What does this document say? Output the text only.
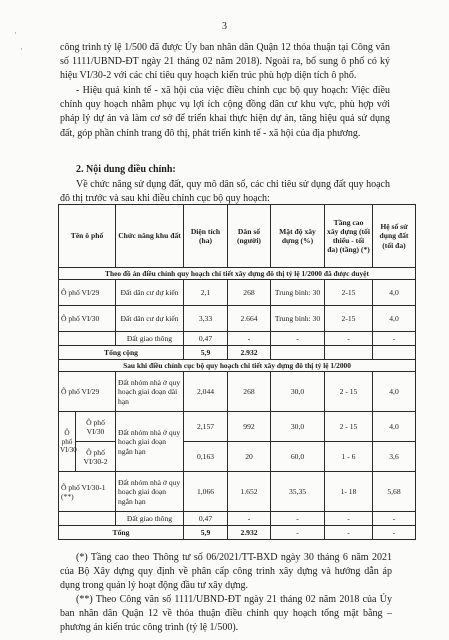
3
·
·	công trình tỷ lệ 1/500 đã được Ủy ban nhân dân Quận 12 thỏa thuận tại Công văn số 1111/UBND-ĐT ngày 21 tháng 02 năm 2018). Ngoài ra, bổ sung ô phố có ký hiệu VI/30-2 với các chỉ tiêu quy hoạch kiến trúc phù hợp diện tích ô phố.

- Hiệu quả kinh tế - xã hội của việc điều chỉnh cục bộ quy hoạch: Việc điều chỉnh quy hoạch nhằm phục vụ lợi ích cộng đồng dân cư khu vực, phù hợp với pháp lý dự án và làm cơ sở để triển khai thực hiện dự án, tăng hiệu quả sử dụng đất, góp phần chỉnh trang đô thị, phát triển kinh tế - xã hội của địa phương.

2. Nội dung điều chỉnh:

Về chức năng sử dụng đất, quy mô dân số, các chỉ tiêu sử dụng đất quy hoạch đô thị trước và sau khi điều chỉnh cục bộ quy hoạch:

Tên ô phố		Chức năng khu đất	Diện tích (ha)	Dân số (người)	Mật độ xây dựng (%)	Tầng cao xây dựng (tối thiểu - tối đa) (tầng) (*)	Hệ số sử dụng đất (tối đa)
Theo đồ án điều chỉnh quy hoạch chi tiết xây dựng đô thị tỷ lệ 1/2000 đã được duyệt							
Ô phố VI/29		Đất dân cư dự kiến	2,1	268	Trung bình: 30	2-15	4,0
Ô phố VI/30		Đất dân cư dự kiến	3,33	2.664	Trung bình: 30	2-15	4,0
		Đất giao thông	0,47	-	-	-	-
Tổng cộng			5,9	2.932			
Sau khi điều chỉnh cục bộ quy hoạch chi tiết xây dựng đô thị tỷ lệ 1/2000							
Ô phố VI/29		Đất nhóm nhà ở quy hoạch giai đoạn dài hạn	2,044	268	30,0	2 - 15	4,0
Ô phố VI/30	Ô phố VI/30	Đất nhóm nhà ở quy hoạch giai đoạn ngắn hạn	2,157	992	30,0	2 - 15	4,0
	Ô phố VI/30-2		0,163	20	60,0	1 - 6	3,6
Ô phố VI/30-1 (**)		Đất nhóm nhà ở quy hoạch giai đoạn ngắn hạn	1,066	1.652	35,35	1- 18	5,68
		Đất giao thông	0,47	-	-	-	-
Tổng			5,9	2.932	-	-	-

(*) Tầng cao theo Thông tư số 06/2021/TT-BXD ngày 30 tháng 6 năm 2021 của Bộ Xây dựng quy định về phân cấp công trình xây dựng và hướng dẫn áp dụng trong quản lý hoạt động đầu tư xây dựng.

(**) Theo Công văn số 1111/UBND-ĐT ngày 21 tháng 02 năm 2018 của Ủy ban nhân dân Quận 12 về thỏa thuận điều chỉnh quy hoạch tổng mặt bằng – phương án kiến trúc công trình (tỷ lệ 1/500).
